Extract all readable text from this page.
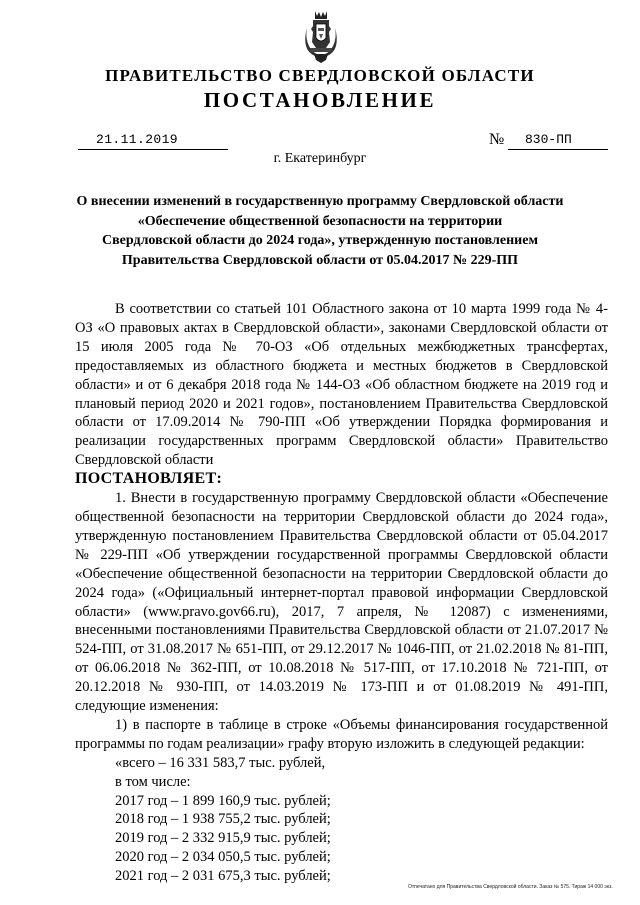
ПРАВИТЕЛЬСТВО СВЕРДЛОВСКОЙ ОБЛАСТИ
ПОСТАНОВЛЕНИЕ
21.11.2019	№ 830-ПП
г. Екатеринбург
О внесении изменений в государственную программу Свердловской области
«Обеспечение общественной безопасности на территории
Свердловской области до 2024 года», утвержденную постановлением
Правительства Свердловской области от 05.04.2017 № 229-ПП

В соответствии со статьей 101 Областного закона от 10 марта 1999 года № 4-ОЗ «О правовых актах в Свердловской области», законами Свердловской области от 15 июля 2005 года № 70-ОЗ «Об отдельных межбюджетных трансфертах, предоставляемых из областного бюджета и местных бюджетов в Свердловской области» и от 6 декабря 2018 года № 144-ОЗ «Об областном бюджете на 2019 год и плановый период 2020 и 2021 годов», постановлением Правительства Свердловской области от 17.09.2014 № 790-ПП «Об утверждении Порядка формирования и реализации государственных программ Свердловской области» Правительство Свердловской области

ПОСТАНОВЛЯЕТ:

1. Внести в государственную программу Свердловской области «Обеспечение общественной безопасности на территории Свердловской области до 2024 года», утвержденную постановлением Правительства Свердловской области от 05.04.2017 № 229-ПП «Об утверждении государственной программы Свердловской области «Обеспечение общественной безопасности на территории Свердловской области до 2024 года» («Официальный интернет-портал правовой информации Свердловской области» (www.pravo.gov66.ru), 2017, 7 апреля, № 12087) с изменениями, внесенными постановлениями Правительства Свердловской области от 21.07.2017 № 524-ПП, от 31.08.2017 № 651-ПП, от 29.12.2017 № 1046-ПП, от 21.02.2018 № 81-ПП, от 06.06.2018 № 362-ПП, от 10.08.2018 № 517-ПП, от 17.10.2018 № 721-ПП, от 20.12.2018 № 930-ПП, от 14.03.2019 № 173-ПП и от 01.08.2019 № 491-ПП, следующие изменения:

1) в паспорте в таблице в строке «Объемы финансирования государственной программы по годам реализации» графу вторую изложить в следующей редакции:

«всего – 16 331 583,7 тыс. рублей,

в том числе:

2017 год – 1 899 160,9 тыс. рублей;

2018 год – 1 938 755,2 тыс. рублей;

2019 год – 2 332 915,9 тыс. рублей;

2020 год – 2 034 050,5 тыс. рублей;

2021 год – 2 031 675,3 тыс. рублей;

Отпечатано для Правительства Свердловской области. Заказ № 575. Тираж 14 000 экз.
